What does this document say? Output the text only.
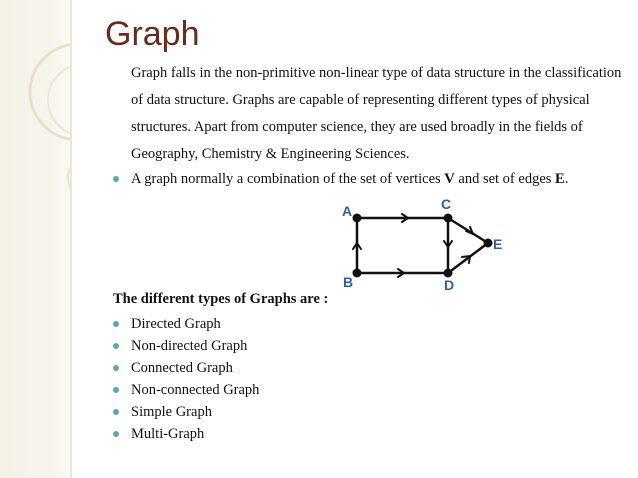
Graph

Graph falls in the non-primitive non-linear type of data structure in the classification of data structure. Graphs are capable of representing different types of physical structures. Apart from computer science, they are used broadly in the fields of Geography, Chemistry & Engineering Sciences.

A graph normally a combination of the set of vertices V and set of edges E.

A
B
C
D
E

The different types of Graphs are :

Directed Graph
Non-directed Graph
Connected Graph
Non-connected Graph
Simple Graph
Multi-Graph
